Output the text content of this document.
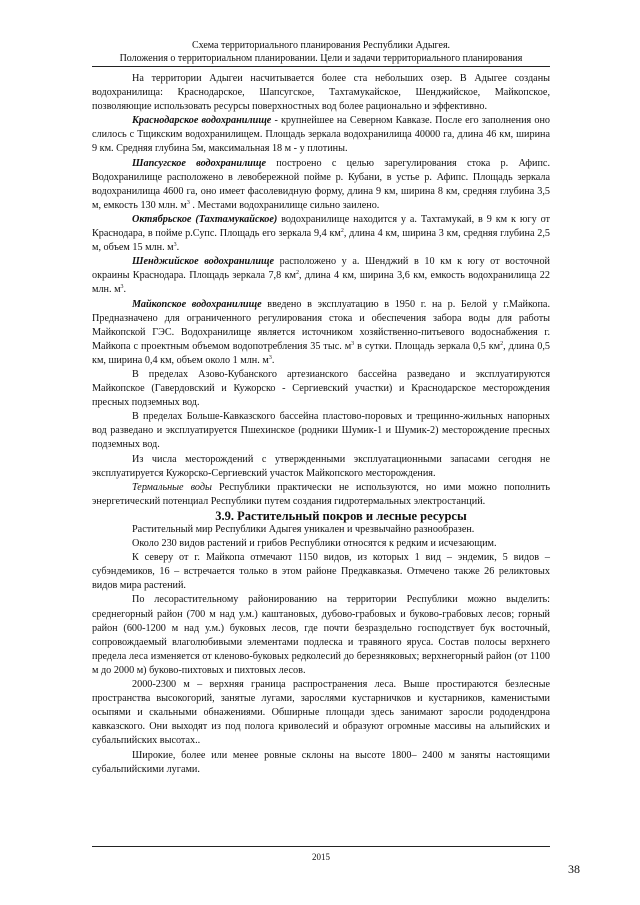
Схема территориального планирования Республики Адыгея.
Положения о территориальном планировании. Цели и задачи территориального планирования

На территории Адыгеи насчитывается более ста небольших озер. В Адыгее созданы водохранилища: Краснодарское, Шапсугское, Тахтамукайское, Шенджийское, Майкопское, позволяющие использовать ресурсы поверхностных вод более рационально и эффективно.

Краснодарское водохранилище - крупнейшее на Северном Кавказе. После его заполнения оно слилось с Тщикским водохранилищем. Площадь зеркала водохранилища 40000 га, длина 46 км, ширина 9 км. Средняя глубина 5м, максимальная 18 м - у плотины.

Шапсугское водохранилище построено с целью зарегулирования стока р. Афипс. Водохранилище расположено в левобережной пойме р. Кубани, в устье р. Афипс. Площадь зеркала водохранилища 4600 га, оно имеет фасолевидную форму, длина 9 км, ширина 8 км, средняя глубина 3,5 м, емкость 130 млн. $м^3$ . Местами водохранилище сильно заилено.

Октябрьское (Тахтамукайское) водохранилище находится у а. Тахтамукай, в 9 км к югу от Краснодара, в пойме р.Супс. Площадь его зеркала 9,4 $км^2$, длина 4 км, ширина 3 км, средняя глубина 2,5 м, объем 15 млн. $м^3$.

Шенджийское водохранилище расположено у а. Шенджий в 10 км к югу от восточной окраины Краснодара. Площадь зеркала 7,8 $км^2$, длина 4 км, ширина 3,6 км, емкость водохранилища 22 млн. $м^3$.

Майкопское водохранилище введено в эксплуатацию в 1950 г. на р. Белой у г.Майкопа. Предназначено для ограниченного регулирования стока и обеспечения забора воды для работы Майкопской ГЭС. Водохранилище является источником хозяйственно-питьевого водоснабжения г. Майкопа с проектным объемом водопотребления 35 тыс. $м^3$ в сутки. Площадь зеркала 0,5 $км^2$, длина 0,5 км, ширина 0,4 км, объем около 1 млн. $м^3$.

В пределах Азово-Кубанского артезианского бассейна разведано и эксплуатируются Майкопское (Гавердовский и Кужорско - Сергиевский участки) и Краснодарское месторождения пресных подземных вод.

В пределах Больше-Кавказского бассейна пластово-поровых и трещинно-жильных напорных вод разведано и эксплуатируется Пшехинское (родники Шумик-1 и Шумик-2) месторождение пресных подземных вод.

Из числа месторождений с утвержденными эксплуатационными запасами сегодня не эксплуатируется Кужорско-Сергиевский участок Майкопского месторождения.

Термальные воды Республики практически не используются, но ими можно пополнить энергетический потенциал Республики путем создания гидротермальных электростанций.

3.9. Растительный покров и лесные ресурсы

Растительный мир Республики Адыгея уникален и чрезвычайно разнообразен.

Около 230 видов растений и грибов Республики относятся к редким и исчезающим.

К северу от г. Майкопа отмечают 1150 видов, из которых 1 вид – эндемик, 5 видов – субэндемиков, 16 – встречается только в этом районе Предкавказья. Отмечено также 26 реликтовых видов мира растений.

По лесорастительному районированию на территории Республики можно выделить: среднегорный район (700 м над у.м.) каштановых, дубово-грабовых и буково-грабовых лесов; горный район (600-1200 м над у.м.) буковых лесов, где почти безраздельно господствует бук восточный, сопровождаемый влаголюбивыми элементами подлеска и травяного яруса. Состав полосы верхнего предела леса изменяется от кленово-буковых редколесий до березняковых; верхнегорный район (от 1100 м до 2000 м) буково-пихтовых и пихтовых лесов.

2000-2300 м – верхняя граница распространения леса. Выше простираются безлесные пространства высокогорий, занятые лугами, зарослями кустарничков и кустарников, каменистыми осыпями и скальными обнажениями. Обширные площади здесь занимают заросли рододендрона кавказского. Они выходят из под полога криволесий и образуют огромные массивы на альпийских и субальпийских высотах..

Широкие, более или менее ровные склоны на высоте 1800– 2400 м заняты настоящими субальпийскими лугами.

2015
38
